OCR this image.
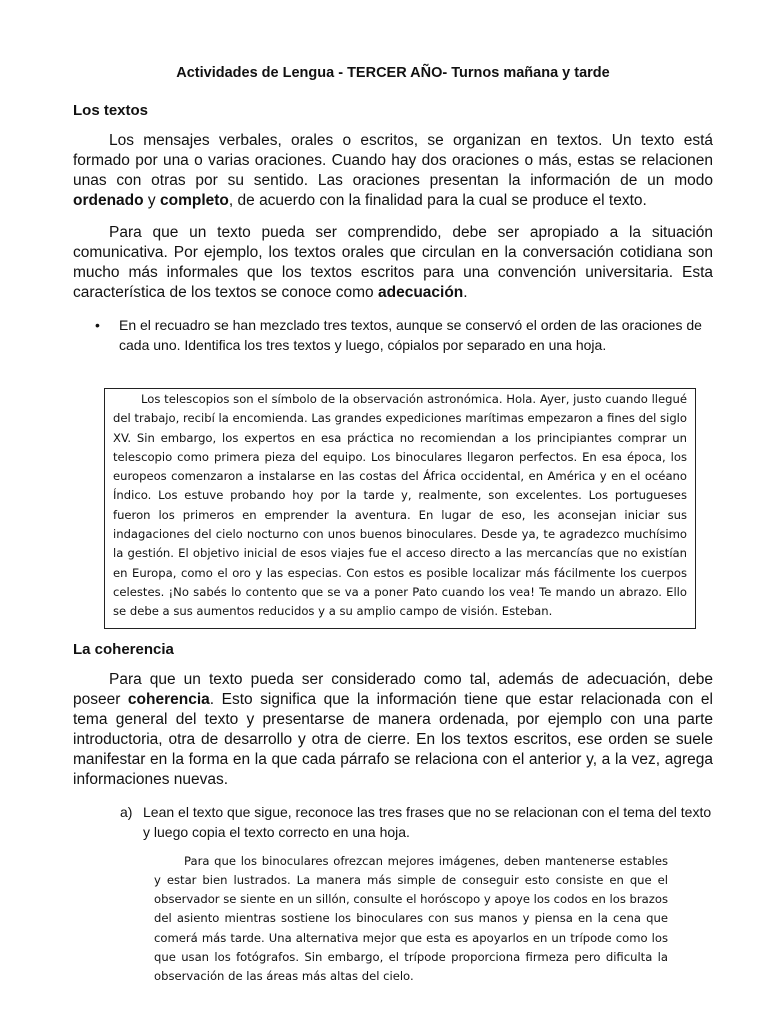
Actividades de Lengua - TERCER AÑO- Turnos mañana y tarde
Los textos

Los mensajes verbales, orales o escritos, se organizan en textos. Un texto está formado por una o varias oraciones. Cuando hay dos oraciones o más, estas se relacionen unas con otras por su sentido. Las oraciones presentan la información de un modo ordenado y completo, de acuerdo con la finalidad para la cual se produce el texto.

Para que un texto pueda ser comprendido, debe ser apropiado a la situación comunicativa. Por ejemplo, los textos orales que circulan en la conversación cotidiana son mucho más informales que los textos escritos para una convención universitaria. Esta característica de los textos se conoce como adecuación.

• En el recuadro se han mezclado tres textos, aunque se conservó el orden de las oraciones de cada uno. Identifica los tres textos y luego, cópialos por separado en una hoja.
Los telescopios son el símbolo de la observación astronómica. Hola. Ayer, justo cuando llegué del trabajo, recibí la encomienda. Las grandes expediciones marítimas empezaron a fines del siglo XV. Sin embargo, los expertos en esa práctica no recomiendan a los principiantes comprar un telescopio como primera pieza del equipo. Los binoculares llegaron perfectos. En esa época, los europeos comenzaron a instalarse en las costas del África occidental, en América y en el océano Índico. Los estuve probando hoy por la tarde y, realmente, son excelentes. Los portugueses fueron los primeros en emprender la aventura. En lugar de eso, les aconsejan iniciar sus indagaciones del cielo nocturno con unos buenos binoculares. Desde ya, te agradezco muchísimo la gestión. El objetivo inicial de esos viajes fue el acceso directo a las mercancías que no existían en Europa, como el oro y las especias. Con estos es posible localizar más fácilmente los cuerpos celestes. ¡No sabés lo contento que se va a poner Pato cuando los vea! Te mando un abrazo. Ello se debe a sus aumentos reducidos y a su amplio campo de visión. Esteban.
La coherencia

Para que un texto pueda ser considerado como tal, además de adecuación, debe poseer coherencia. Esto significa que la información tiene que estar relacionada con el tema general del texto y presentarse de manera ordenada, por ejemplo con una parte introductoria, otra de desarrollo y otra de cierre. En los textos escritos, ese orden se suele manifestar en la forma en la que cada párrafo se relaciona con el anterior y, a la vez, agrega informaciones nuevas.

a) Lean el texto que sigue, reconoce las tres frases que no se relacionan con el tema del texto y luego copia el texto correcto en una hoja.
Para que los binoculares ofrezcan mejores imágenes, deben mantenerse estables y estar bien lustrados. La manera más simple de conseguir esto consiste en que el observador se siente en un sillón, consulte el horóscopo y apoye los codos en los brazos del asiento mientras sostiene los binoculares con sus manos y piensa en la cena que comerá más tarde. Una alternativa mejor que esta es apoyarlos en un trípode como los que usan los fotógrafos. Sin embargo, el trípode proporciona firmeza pero dificulta la observación de las áreas más altas del cielo.
